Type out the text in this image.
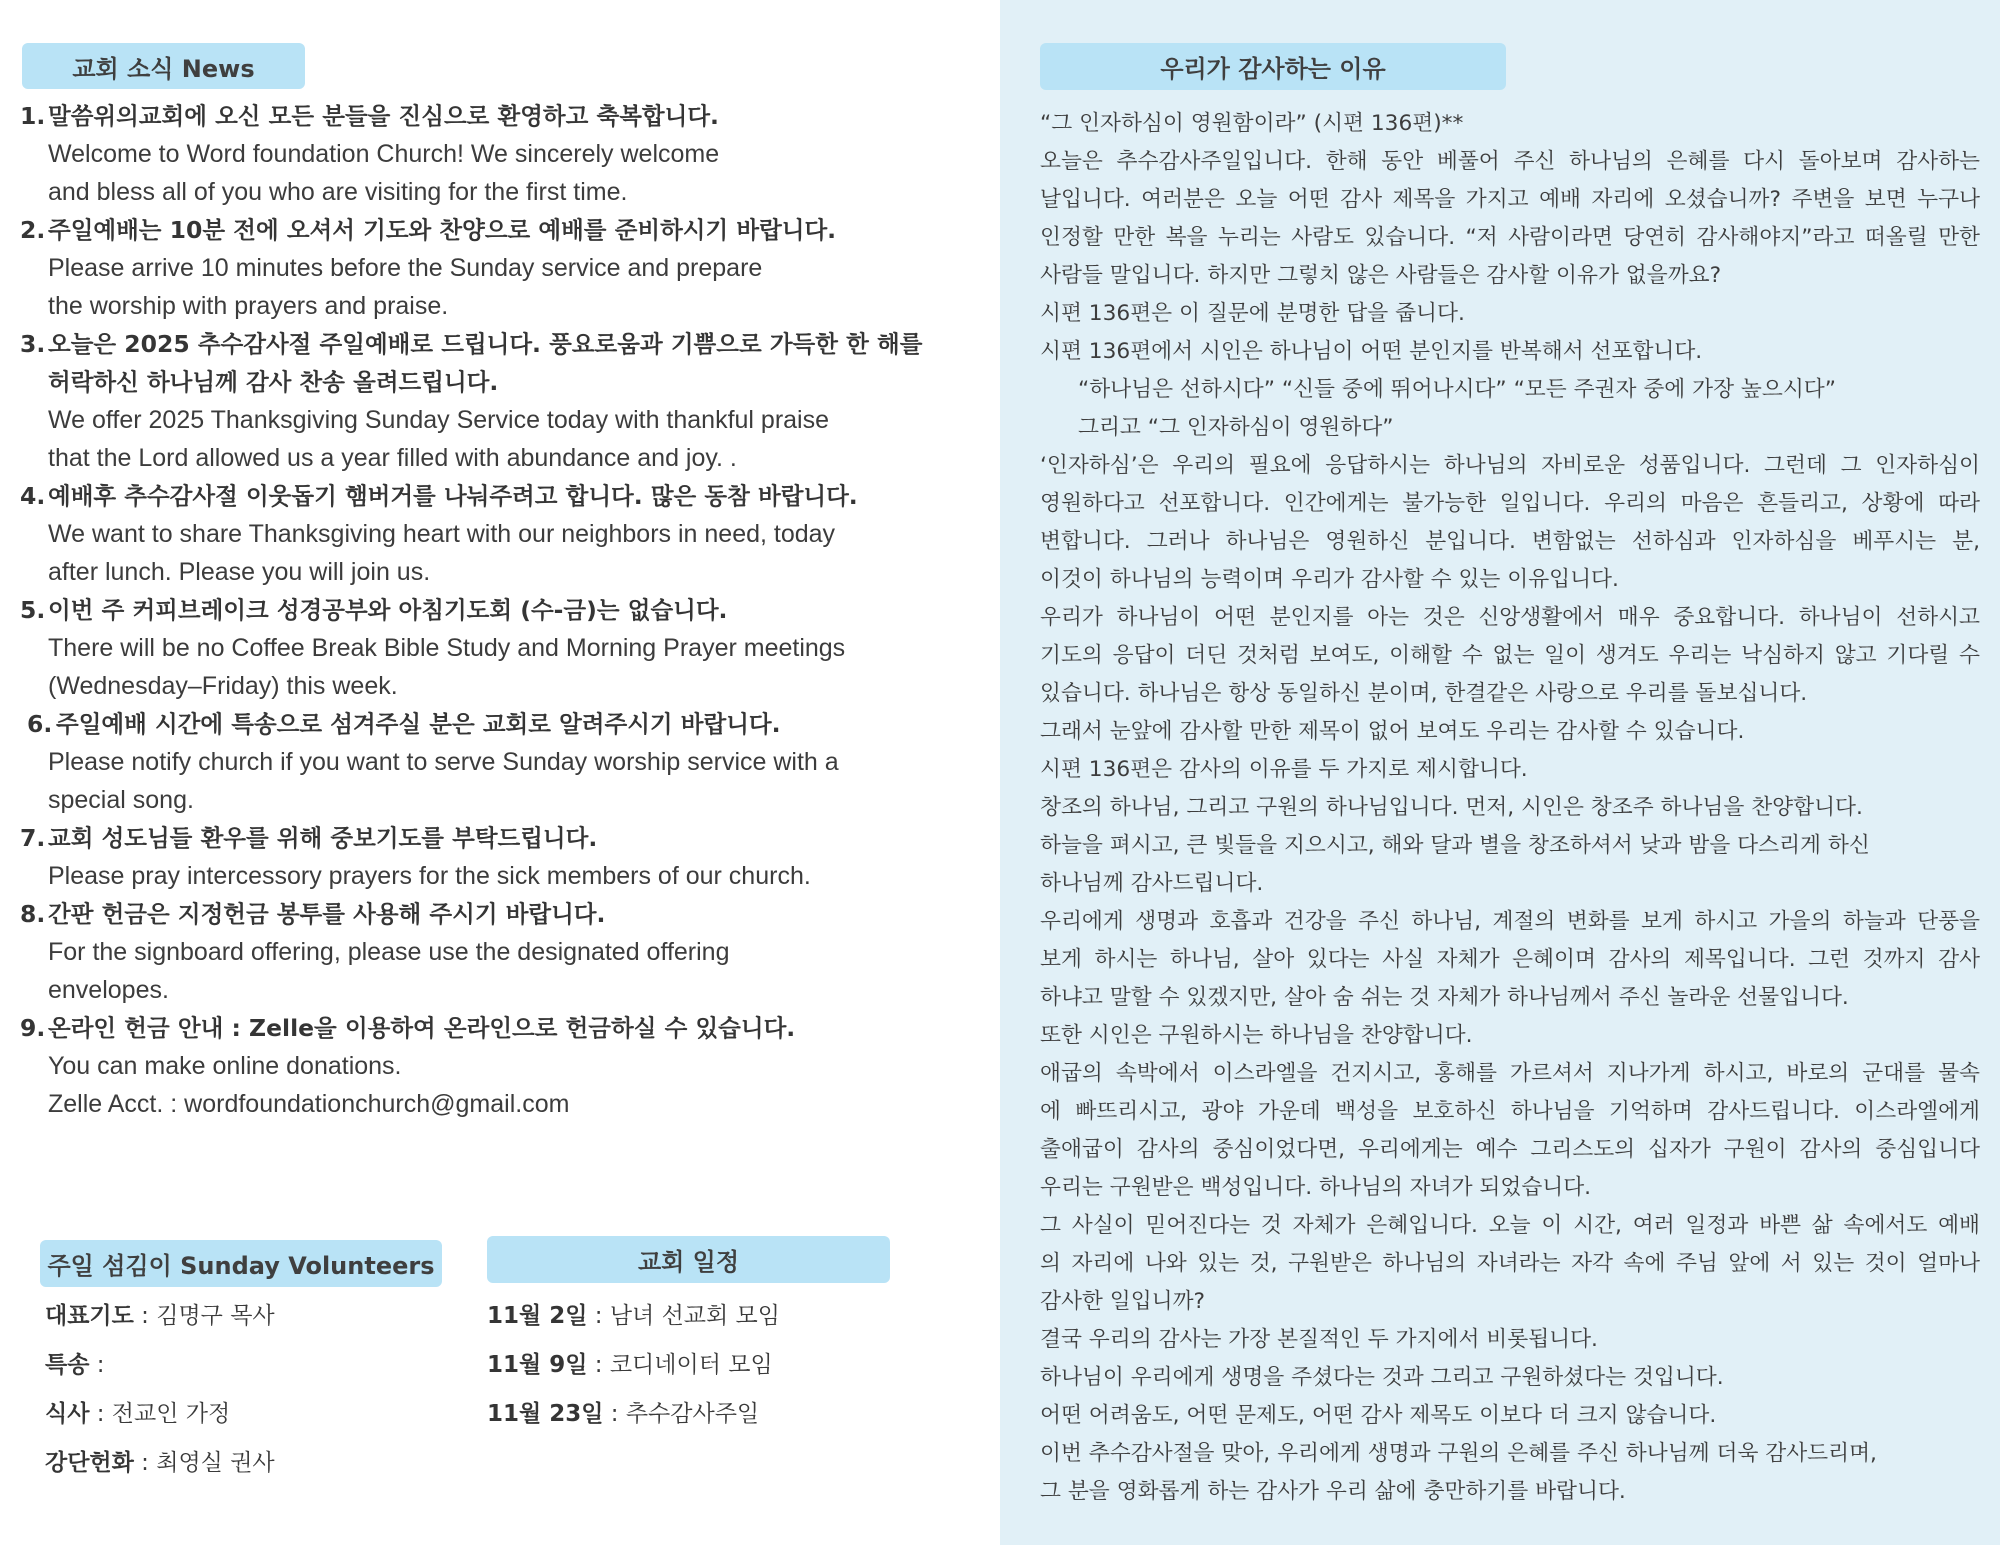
교회 소식 News
1. 말씀위의교회에 오신 모든 분들을 진심으로 환영하고 축복합니다.
Welcome to Word foundation Church! We sincerely welcome
and bless all of you who are visiting for the first time.
2. 주일예배는 10분 전에 오셔서 기도와 찬양으로 예배를 준비하시기 바랍니다.
Please arrive 10 minutes before the Sunday service and prepare
the worship with prayers and praise.
3. 오늘은 2025 추수감사절 주일예배로 드립니다. 풍요로움과 기쁨으로 가득한 한 해를 허락하신 하나님께 감사 찬송 올려드립니다.
We offer 2025 Thanksgiving Sunday Service today with thankful praise
that the Lord allowed us a year filled with abundance and joy. .
4. 예배후 추수감사절 이웃돕기 햄버거를 나눠주려고 합니다. 많은 동참 바랍니다.
We want to share Thanksgiving heart with our neighbors in need, today
after lunch. Please you will join us.
5. 이번 주 커피브레이크 성경공부와 아침기도회 (수-금)는 없습니다.
There will be no Coffee Break Bible Study and Morning Prayer meetings
(Wednesday–Friday) this week.
6. 주일예배 시간에 특송으로 섬겨주실 분은 교회로 알려주시기 바랍니다.
Please notify church if you want to serve Sunday worship service with a
special song.
7. 교회 성도님들 환우를 위해 중보기도를 부탁드립니다.
Please pray intercessory prayers for the sick members of our church.
8. 간판 헌금은 지정헌금 봉투를 사용해 주시기 바랍니다.
For the signboard offering, please use the designated offering
envelopes.
9. 온라인 헌금 안내 : Zelle을 이용하여 온라인으로 헌금하실 수 있습니다.
You can make online donations.
Zelle Acct. : wordfoundationchurch@gmail.com
주일 섬김이 Sunday Volunteers
대표기도 : 김명구 목사
특송 :
식사 : 전교인 가정
강단헌화 : 최영실 권사
교회 일정
11월 2일 : 남녀 선교회 모임
11월 9일 : 코디네이터 모임
11월 23일 : 추수감사주일
우리가 감사하는 이유
“그 인자하심이 영원함이라” (시편 136편)**
오늘은 추수감사주일입니다. 한해 동안 베풀어 주신 하나님의 은혜를 다시 돌아보며 감사하는
날입니다. 여러분은 오늘 어떤 감사 제목을 가지고 예배 자리에 오셨습니까? 주변을 보면 누구나
인정할 만한 복을 누리는 사람도 있습니다. “저 사람이라면 당연히 감사해야지”라고 떠올릴 만한
사람들 말입니다. 하지만 그렇치 않은 사람들은 감사할 이유가 없을까요?
시편 136편은 이 질문에 분명한 답을 줍니다.
시편 136편에서 시인은 하나님이 어떤 분인지를 반복해서 선포합니다.
“하나님은 선하시다” “신들 중에 뛰어나시다” “모든 주권자 중에 가장 높으시다”
그리고 “그 인자하심이 영원하다”
‘인자하심’은 우리의 필요에 응답하시는 하나님의 자비로운 성품입니다. 그런데 그 인자하심이
영원하다고 선포합니다. 인간에게는 불가능한 일입니다. 우리의 마음은 흔들리고, 상황에 따라
변합니다. 그러나 하나님은 영원하신 분입니다. 변함없는 선하심과 인자하심을 베푸시는 분,
이것이 하나님의 능력이며 우리가 감사할 수 있는 이유입니다.
우리가 하나님이 어떤 분인지를 아는 것은 신앙생활에서 매우 중요합니다. 하나님이 선하시고
기도의 응답이 더딘 것처럼 보여도, 이해할 수 없는 일이 생겨도 우리는 낙심하지 않고 기다릴 수
있습니다. 하나님은 항상 동일하신 분이며, 한결같은 사랑으로 우리를 돌보십니다.
그래서 눈앞에 감사할 만한 제목이 없어 보여도 우리는 감사할 수 있습니다.
시편 136편은 감사의 이유를 두 가지로 제시합니다.
창조의 하나님, 그리고 구원의 하나님입니다. 먼저, 시인은 창조주 하나님을 찬양합니다.
하늘을 펴시고, 큰 빛들을 지으시고, 해와 달과 별을 창조하셔서 낮과 밤을 다스리게 하신
하나님께 감사드립니다.
우리에게 생명과 호흡과 건강을 주신 하나님, 계절의 변화를 보게 하시고 가을의 하늘과 단풍을
보게 하시는 하나님, 살아 있다는 사실 자체가 은혜이며 감사의 제목입니다. 그런 것까지 감사
하냐고 말할 수 있겠지만, 살아 숨 쉬는 것 자체가 하나님께서 주신 놀라운 선물입니다.
또한 시인은 구원하시는 하나님을 찬양합니다.
애굽의 속박에서 이스라엘을 건지시고, 홍해를 가르셔서 지나가게 하시고, 바로의 군대를 물속
에 빠뜨리시고, 광야 가운데 백성을 보호하신 하나님을 기억하며 감사드립니다. 이스라엘에게
출애굽이 감사의 중심이었다면, 우리에게는 예수 그리스도의 십자가 구원이 감사의 중심입니다
우리는 구원받은 백성입니다. 하나님의 자녀가 되었습니다.
그 사실이 믿어진다는 것 자체가 은혜입니다. 오늘 이 시간, 여러 일정과 바쁜 삶 속에서도 예배
의 자리에 나와 있는 것, 구원받은 하나님의 자녀라는 자각 속에 주님 앞에 서 있는 것이 얼마나
감사한 일입니까?
결국 우리의 감사는 가장 본질적인 두 가지에서 비롯됩니다.
하나님이 우리에게 생명을 주셨다는 것과 그리고 구원하셨다는 것입니다.
어떤 어려움도, 어떤 문제도, 어떤 감사 제목도 이보다 더 크지 않습니다.
이번 추수감사절을 맞아, 우리에게 생명과 구원의 은혜를 주신 하나님께 더욱 감사드리며,
그 분을 영화롭게 하는 감사가 우리 삶에 충만하기를 바랍니다.
